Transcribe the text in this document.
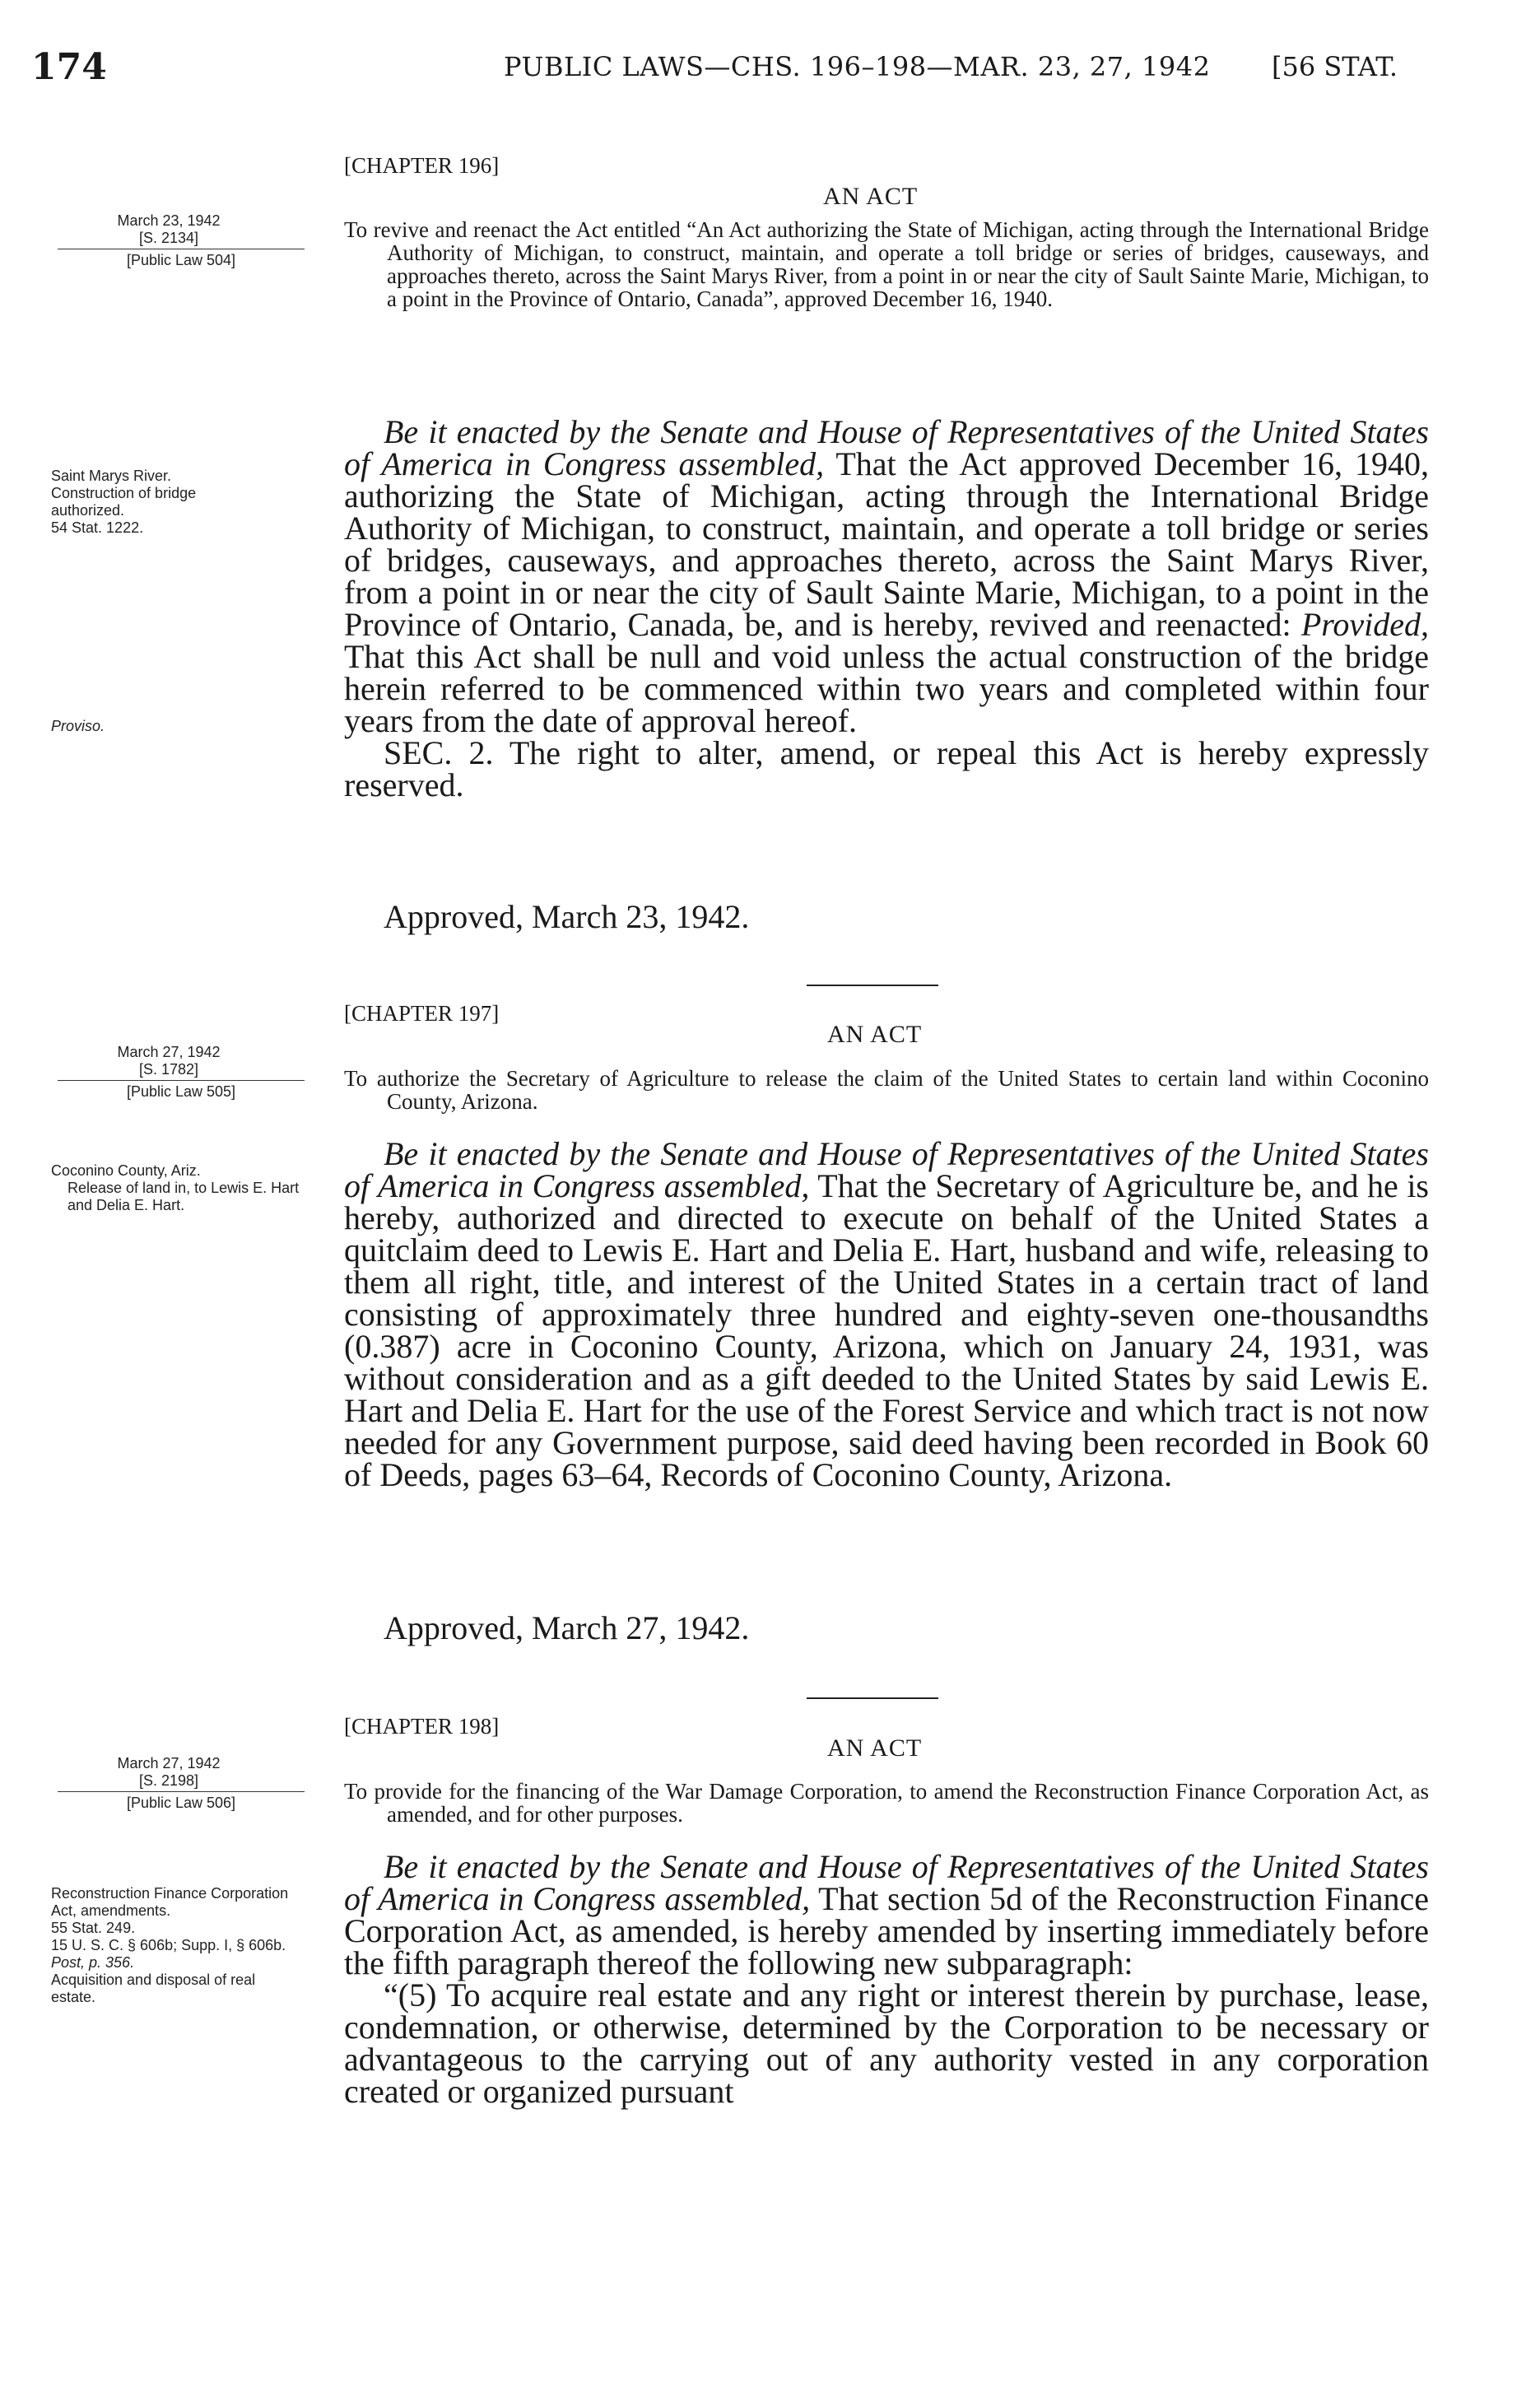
174	PUBLIC LAWS—CHS. 196–198—MAR. 23, 27, 1942 [56 STAT.
[CHAPTER 196]
AN ACT
To revive and reenact the Act entitled “An Act authorizing the State of Michigan, acting through the International Bridge Authority of Michigan, to construct, maintain, and operate a toll bridge or series of bridges, causeways, and approaches thereto, across the Saint Marys River, from a point in or near the city of Sault Sainte Marie, Michigan, to a point in the Province of Ontario, Canada”, approved December 16, 1940.
March 23, 1942
[S. 2134]
[Public Law 504]
Saint Marys River.
Construction of bridge authorized.
54 Stat. 1222.
Proviso.

Be it enacted by the Senate and House of Representatives of the United States of America in Congress assembled, That the Act approved December 16, 1940, authorizing the State of Michigan, acting through the International Bridge Authority of Michigan, to construct, maintain, and operate a toll bridge or series of bridges, causeways, and approaches thereto, across the Saint Marys River, from a point in or near the city of Sault Sainte Marie, Michigan, to a point in the Province of Ontario, Canada, be, and is hereby, revived and reenacted: Provided, That this Act shall be null and void unless the actual construction of the bridge herein referred to be commenced within two years and completed within four years from the date of approval hereof.

SEC. 2. The right to alter, amend, or repeal this Act is hereby expressly reserved.

Approved, March 23, 1942.
[CHAPTER 197]
AN ACT
To authorize the Secretary of Agriculture to release the claim of the United States to certain land within Coconino County, Arizona.
March 27, 1942
[S. 1782]
[Public Law 505]
Coconino County, Ariz.
Release of land in, to Lewis E. Hart and Delia E. Hart.

Be it enacted by the Senate and House of Representatives of the United States of America in Congress assembled, That the Secretary of Agriculture be, and he is hereby, authorized and directed to execute on behalf of the United States a quitclaim deed to Lewis E. Hart and Delia E. Hart, husband and wife, releasing to them all right, title, and interest of the United States in a certain tract of land consisting of approximately three hundred and eighty-seven one-thousandths (0.387) acre in Coconino County, Arizona, which on January 24, 1931, was without consideration and as a gift deeded to the United States by said Lewis E. Hart and Delia E. Hart for the use of the Forest Service and which tract is not now needed for any Government purpose, said deed having been recorded in Book 60 of Deeds, pages 63–64, Records of Coconino County, Arizona.

Approved, March 27, 1942.
[CHAPTER 198]
AN ACT
To provide for the financing of the War Damage Corporation, to amend the Reconstruction Finance Corporation Act, as amended, and for other purposes.
March 27, 1942
[S. 2198]
[Public Law 506]
Reconstruction Finance Corporation Act, amendments.
55 Stat. 249.
15 U. S. C. § 606b; Supp. I, § 606b.
Post, p. 356.
Acquisition and disposal of real estate.

Be it enacted by the Senate and House of Representatives of the United States of America in Congress assembled, That section 5d of the Reconstruction Finance Corporation Act, as amended, is hereby amended by inserting immediately before the fifth paragraph thereof the following new subparagraph:

“(5) To acquire real estate and any right or interest therein by purchase, lease, condemnation, or otherwise, determined by the Corporation to be necessary or advantageous to the carrying out of any authority vested in any corporation created or organized pursuant
